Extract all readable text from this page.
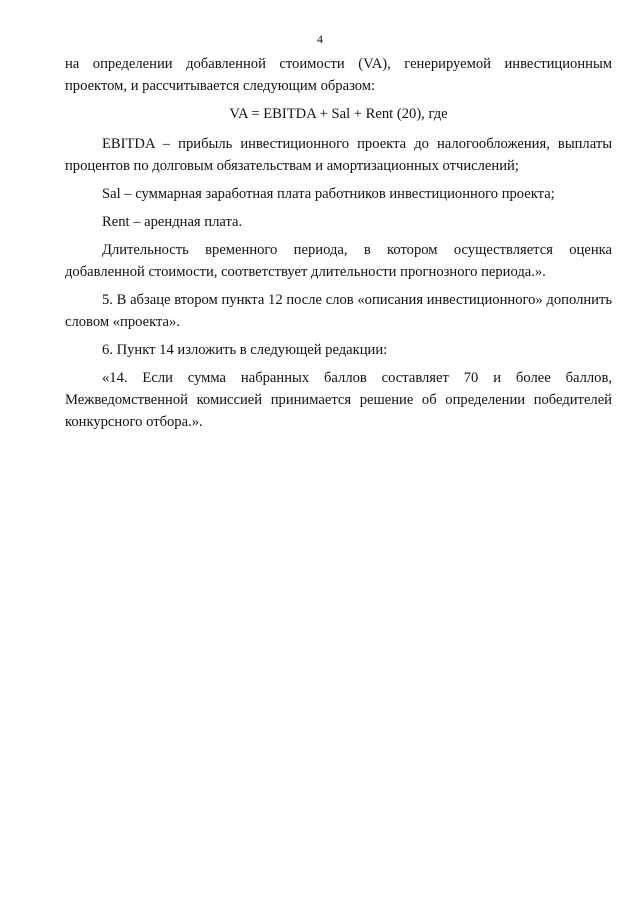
4

на определении добавленной стоимости (VA), генерируемой инвестиционным проектом, и рассчитывается следующим образом:

VA = EBITDA + Sal + Rent (20), где

EBITDA – прибыль инвестиционного проекта до налогообложения, выплаты процентов по долговым обязательствам и амортизационных отчислений;

Sal – суммарная заработная плата работников инвестиционного проекта;

Rent – арендная плата.

Длительность временного периода, в котором осуществляется оценка добавленной стоимости, соответствует длительности прогнозного периода.».

5. В абзаце втором пункта 12 после слов «описания инвестиционного» дополнить словом «проекта».

6. Пункт 14 изложить в следующей редакции:

«14. Если сумма набранных баллов составляет 70 и более баллов, Межведомственной комиссией принимается решение об определении победителей конкурсного отбора.».
